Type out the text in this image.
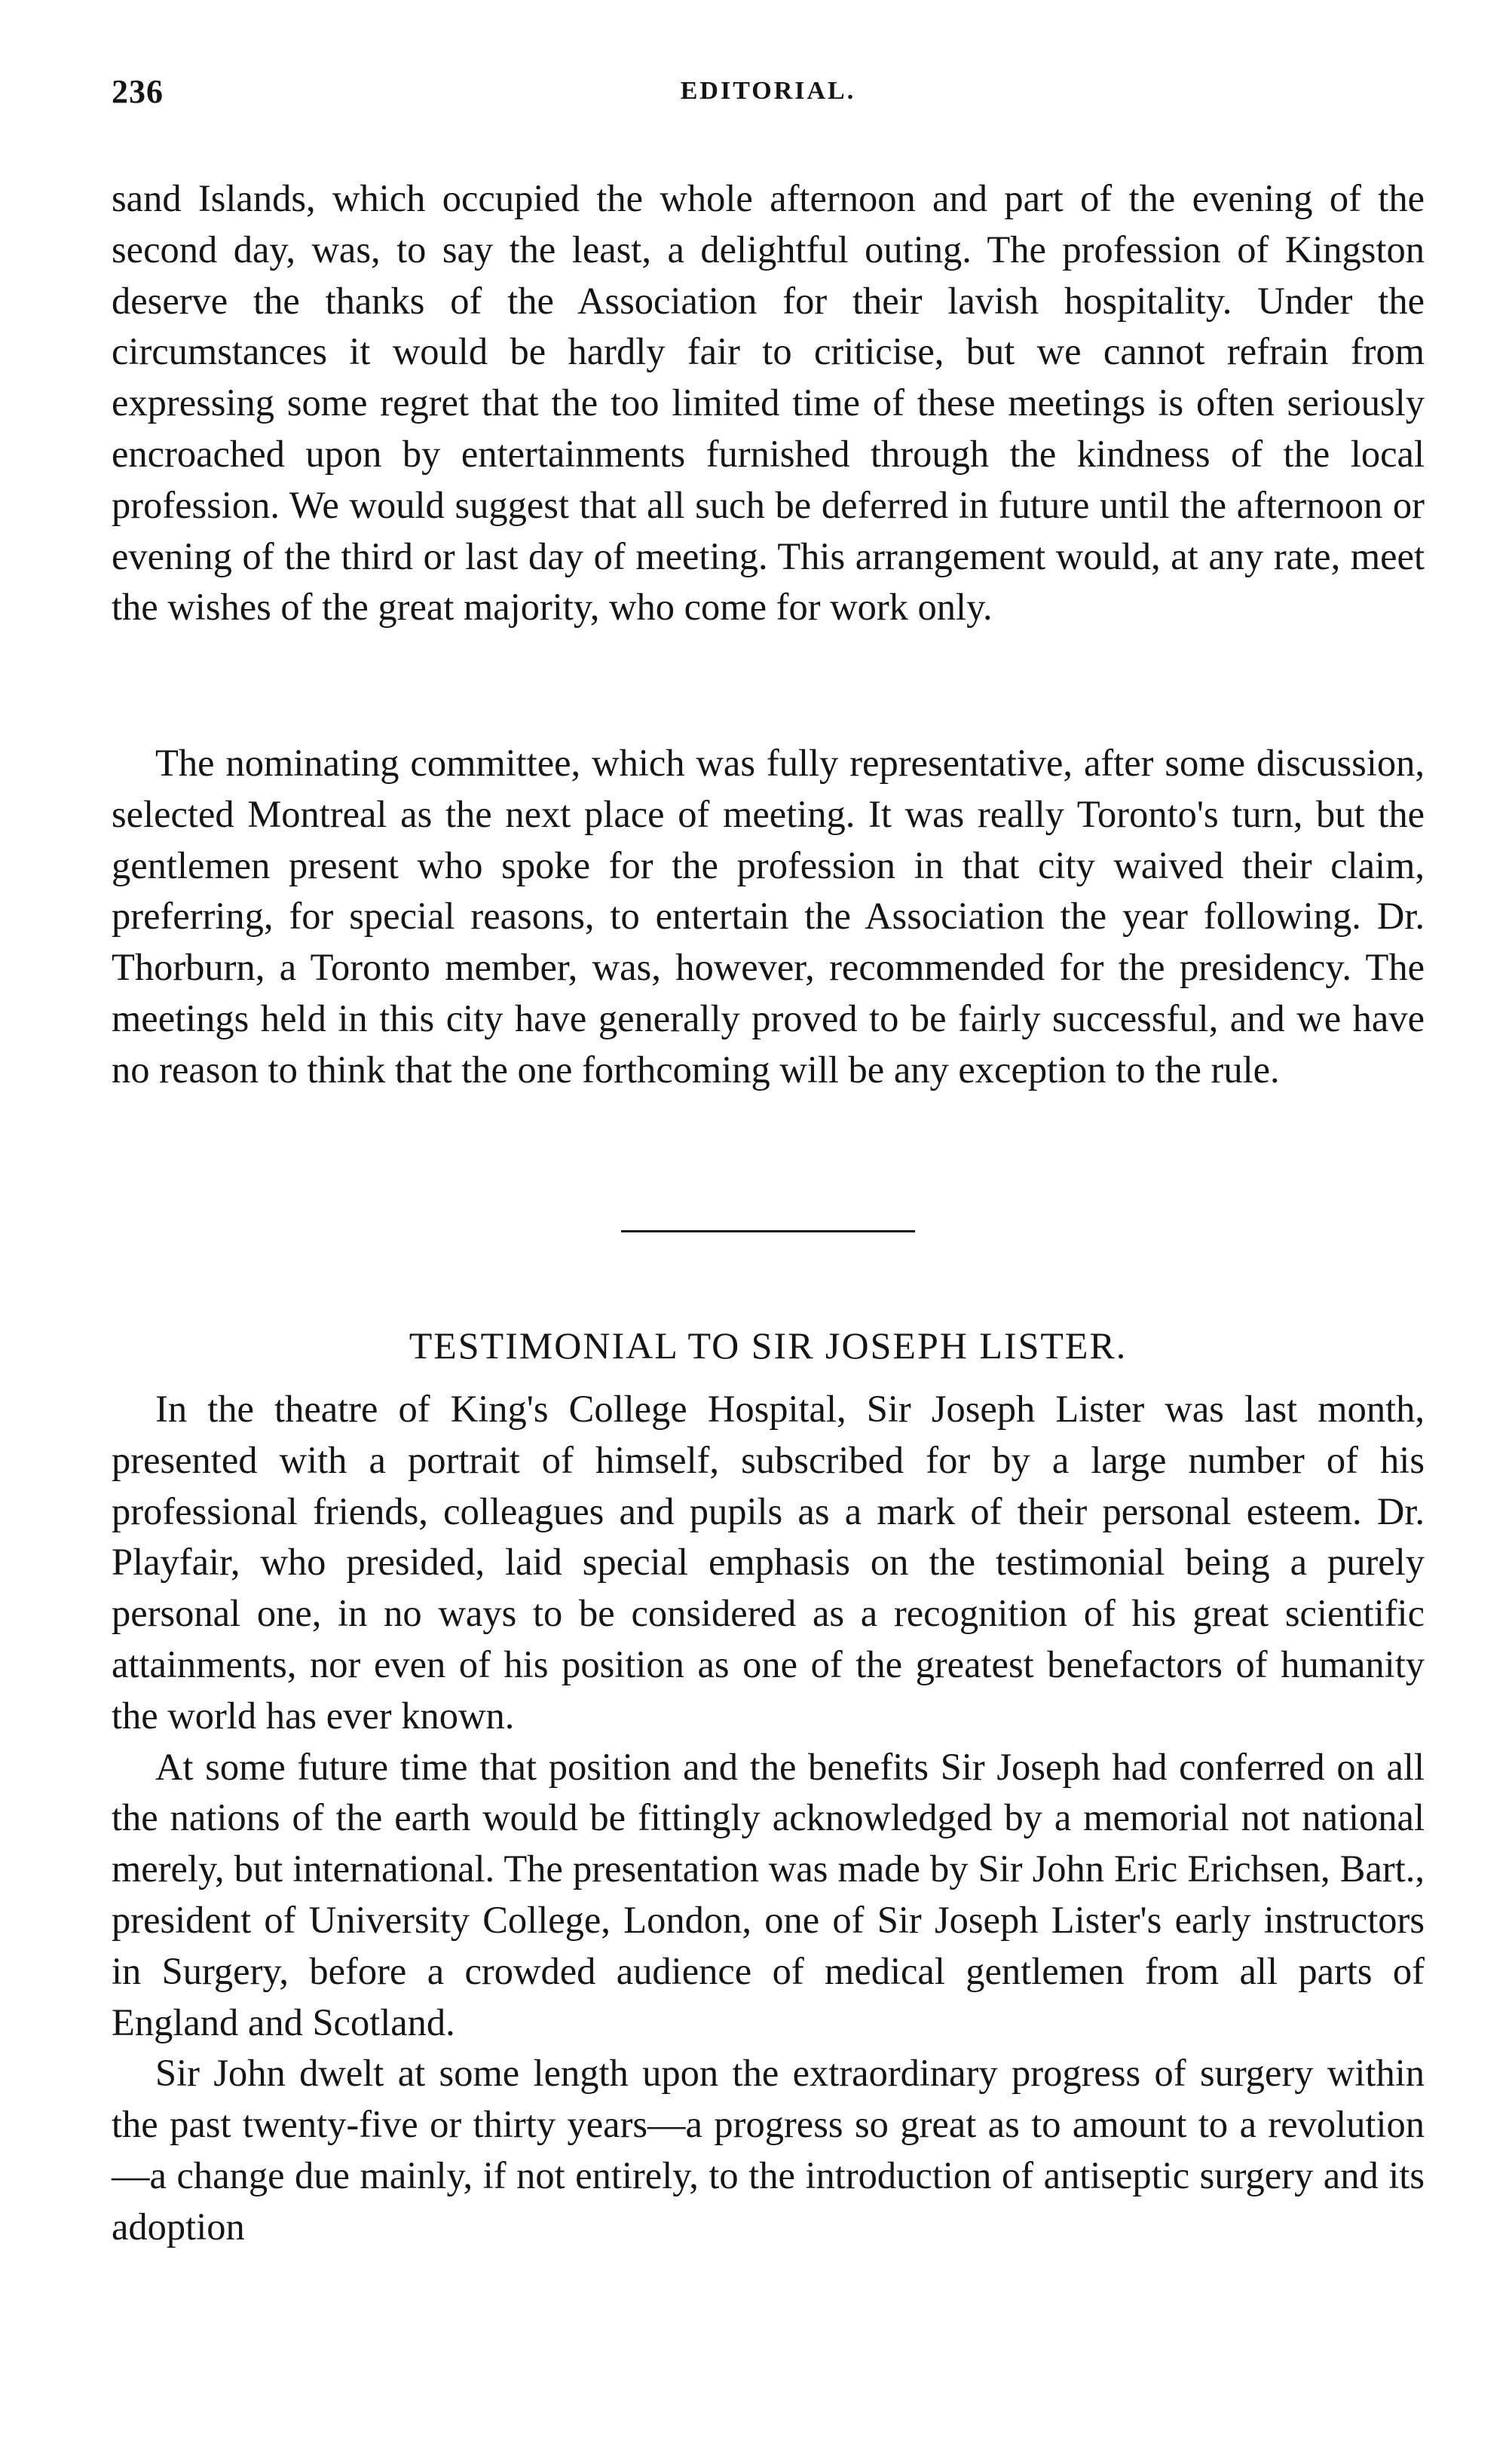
236	EDITORIAL.

sand Islands, which occupied the whole afternoon and part of the evening of the second day, was, to say the least, a delightful outing. The profession of Kingston deserve the thanks of the Association for their lavish hospitality. Under the circumstances it would be hardly fair to criticise, but we cannot refrain from expressing some regret that the too limited time of these meetings is often seriously encroached upon by entertainments furnished through the kindness of the local profession. We would suggest that all such be deferred in future until the afternoon or evening of the third or last day of meeting. This arrangement would, at any rate, meet the wishes of the great majority, who come for work only.

The nominating committee, which was fully representative, after some discussion, selected Montreal as the next place of meeting. It was really Toronto's turn, but the gentlemen present who spoke for the profession in that city waived their claim, preferring, for special reasons, to entertain the Association the year following. Dr. Thorburn, a Toronto member, was, however, recommended for the presidency. The meetings held in this city have generally proved to be fairly successful, and we have no reason to think that the one forthcoming will be any exception to the rule.

TESTIMONIAL TO SIR JOSEPH LISTER.

In the theatre of King's College Hospital, Sir Joseph Lister was last month, presented with a portrait of himself, subscribed for by a large number of his professional friends, colleagues and pupils as a mark of their personal esteem. Dr. Playfair, who presided, laid special emphasis on the testimonial being a purely personal one, in no ways to be considered as a recognition of his great scientific attainments, nor even of his position as one of the greatest benefactors of humanity the world has ever known.

At some future time that position and the benefits Sir Joseph had conferred on all the nations of the earth would be fittingly acknowledged by a memorial not national merely, but international. The presentation was made by Sir John Eric Erichsen, Bart., president of University College, London, one of Sir Joseph Lister's early instructors in Surgery, before a crowded audience of medical gentlemen from all parts of England and Scotland.

Sir John dwelt at some length upon the extraordinary progress of surgery within the past twenty-five or thirty years—a progress so great as to amount to a revolution—a change due mainly, if not entirely, to the introduction of antiseptic surgery and its adoption
